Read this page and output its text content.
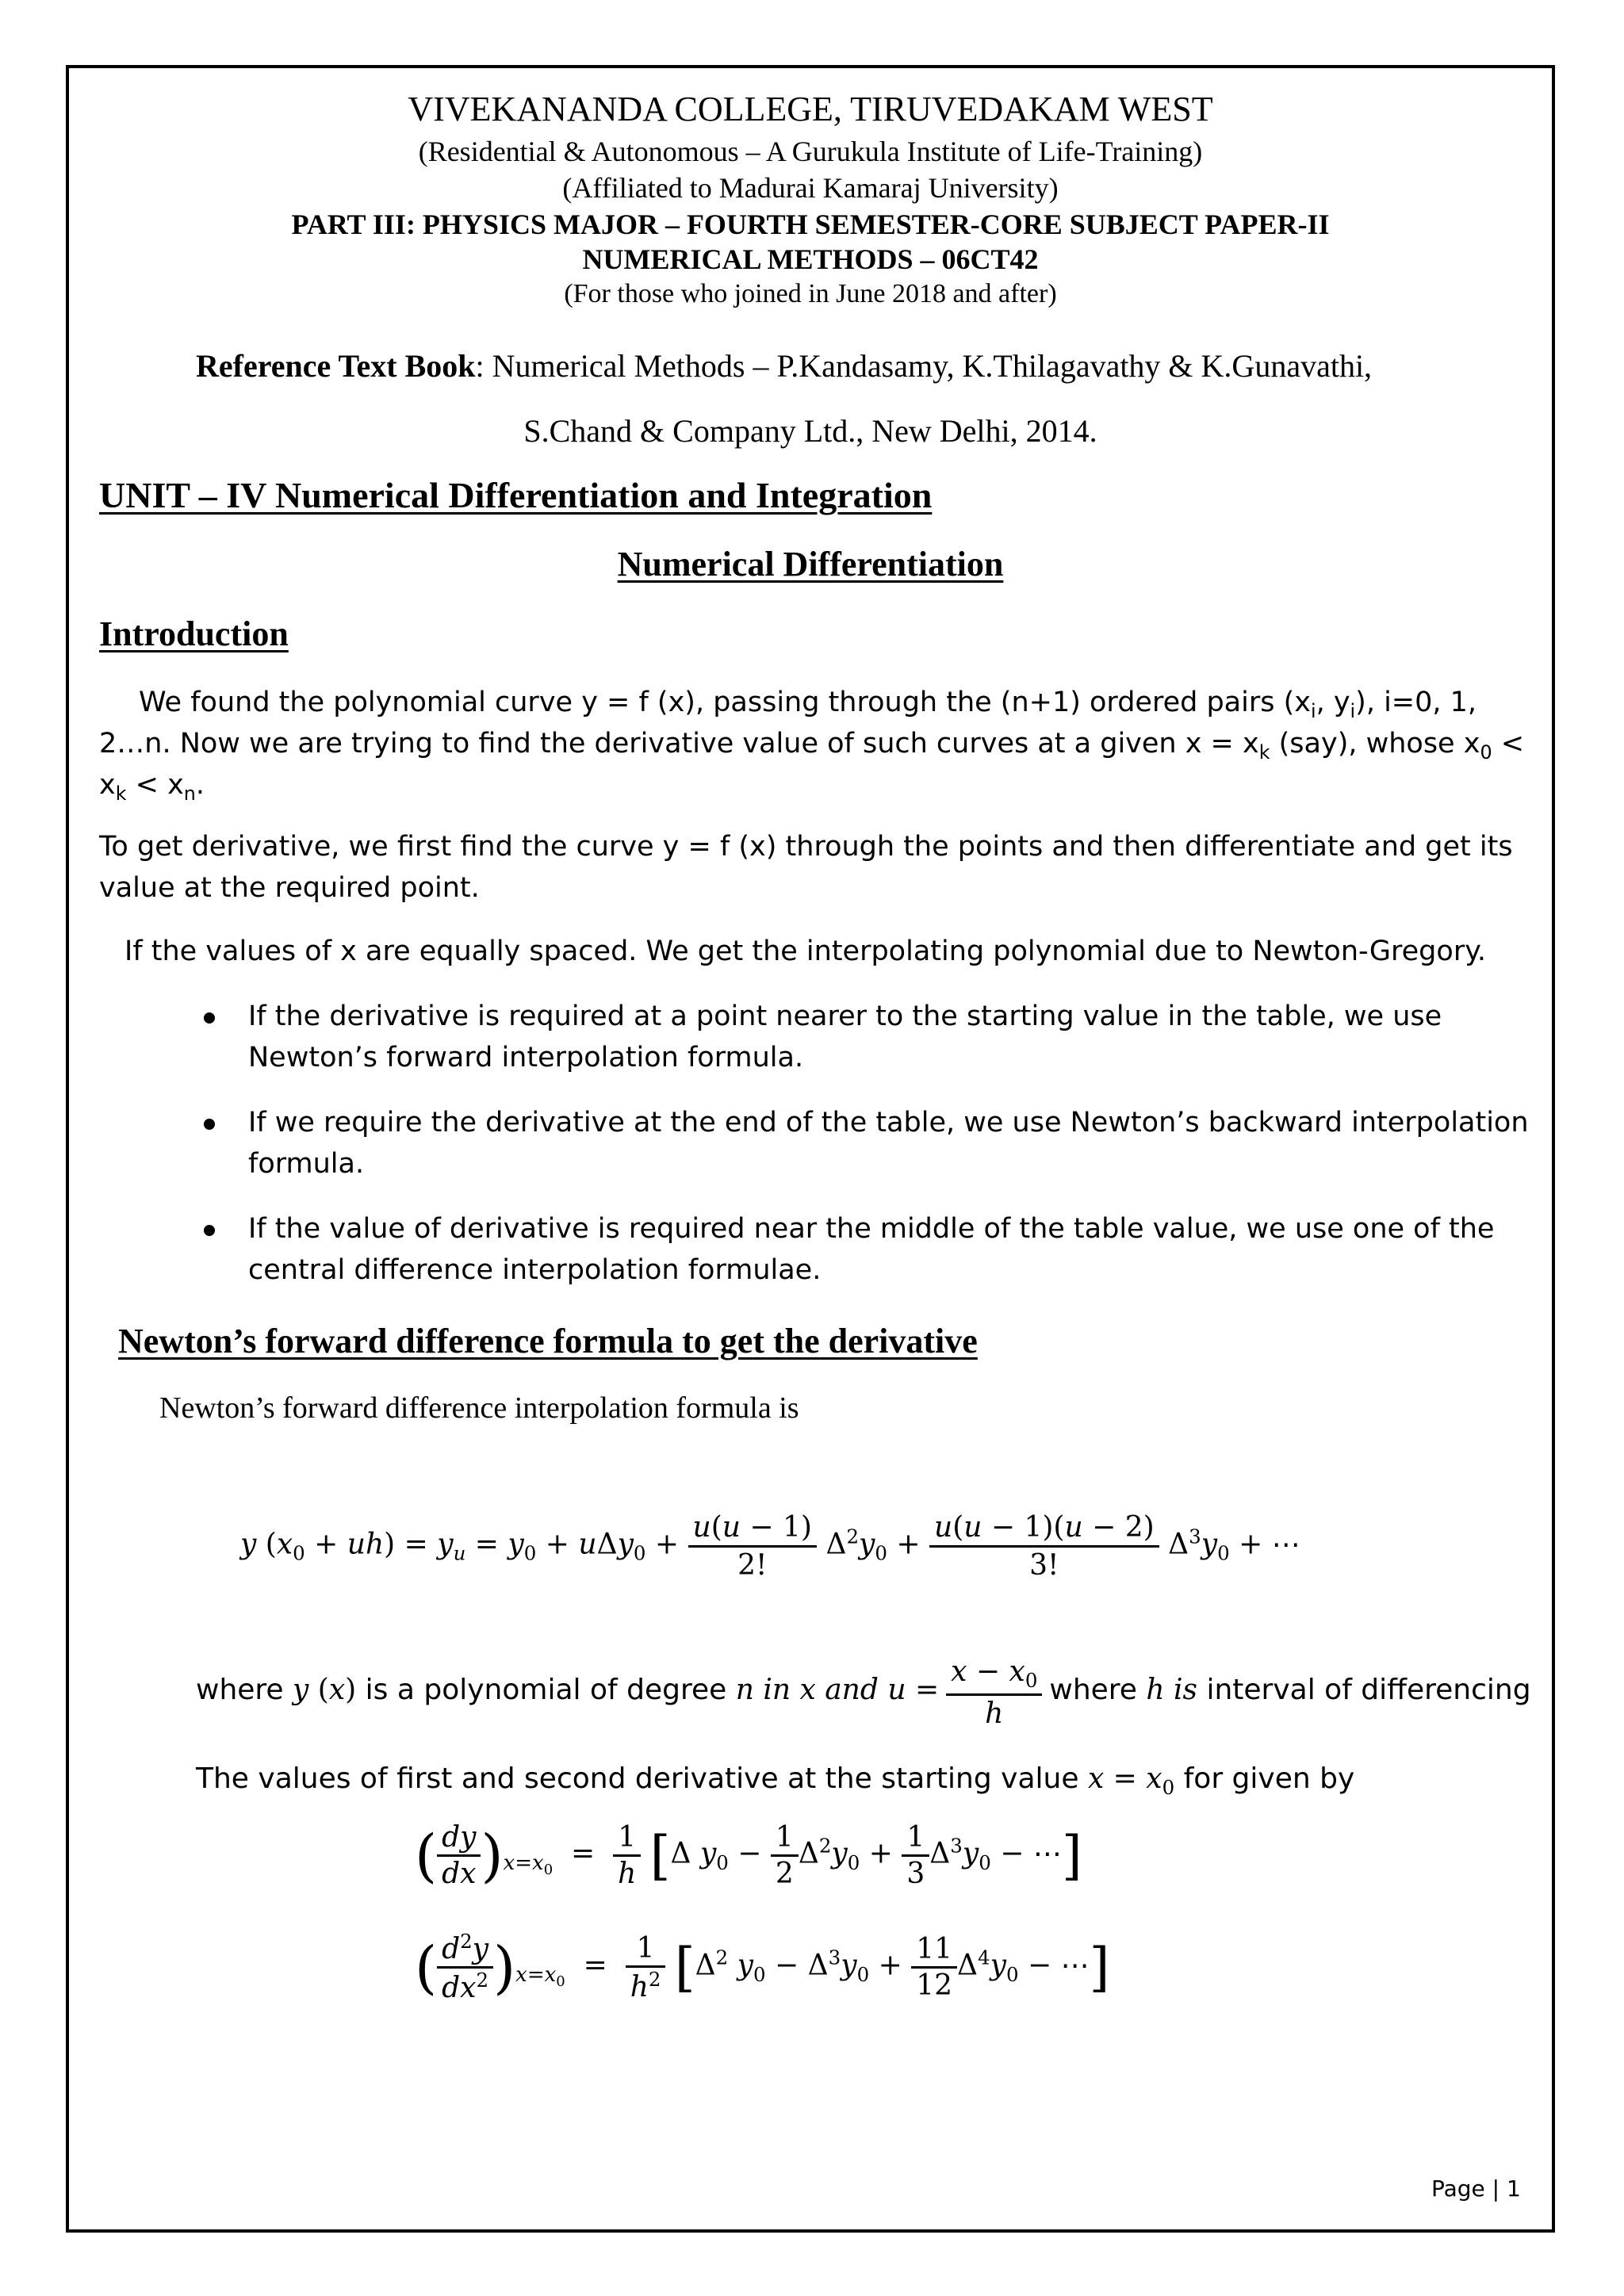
VIVEKANANDA COLLEGE, TIRUVEDAKAM WEST
(Residential & Autonomous – A Gurukula Institute of Life-Training)
(Affiliated to Madurai Kamaraj University)
PART III: PHYSICS MAJOR – FOURTH SEMESTER-CORE SUBJECT PAPER-II
NUMERICAL METHODS – 06CT42
(For those who joined in June 2018 and after)
Reference Text Book: Numerical Methods – P.Kandasamy, K.Thilagavathy & K.Gunavathi,
S.Chand & Company Ltd., New Delhi, 2014.
UNIT – IV Numerical Differentiation and Integration
Numerical Differentiation
Introduction
We found the polynomial curve y = f (x), passing through the (n+1) ordered pairs ($x_i$, $y_i$), i=0, 1,
2…n. Now we are trying to find the derivative value of such curves at a given $x = x_k$ (say), whose $x_0$ <
$x_k < x_n$.
To get derivative, we first find the curve y = f (x) through the points and then differentiate and get its
value at the required point.
If the values of x are equally spaced. We get the interpolating polynomial due to Newton-Gregory.
If the derivative is required at a point nearer to the starting value in the table, we use
Newton’s forward interpolation formula.
If we require the derivative at the end of the table, we use Newton’s backward interpolation
formula.
If the value of derivative is required near the middle of the table value, we use one of the
central difference interpolation formulae.
Newton’s forward difference formula to get the derivative
Newton’s forward difference interpolation formula is
y $(x_0 + uh) = y_u = y_0 + u\Delta y_0 + \frac{u(u - 1)}{2!} \Delta^2y_0 + \frac{u(u - 1)(u - 2)}{3!} \Delta^3y_0$ + ⋯
where y (x) is a polynomial of degree n in x and $u = \frac{x - x_0}{h}$ where h is interval of differencing
The values of first and second derivative at the starting value $x = x_0$ for given by
( $\frac{dy}{dx} )_{x=x_0} = \frac{1}{h} [\Delta$ $y_0 - \frac{1}{2} \Delta^2y_0 + \frac{1}{3} \Delta^3y_0$ − ⋯]
( $\frac{d^2y}{dx^2} )_{x=x_0} = \frac{1}{h^2} [\Delta^2$ $y_0 - \Delta^3y_0 + \frac{11}{12} \Delta^4y_0$ − ⋯]
Page | 1
